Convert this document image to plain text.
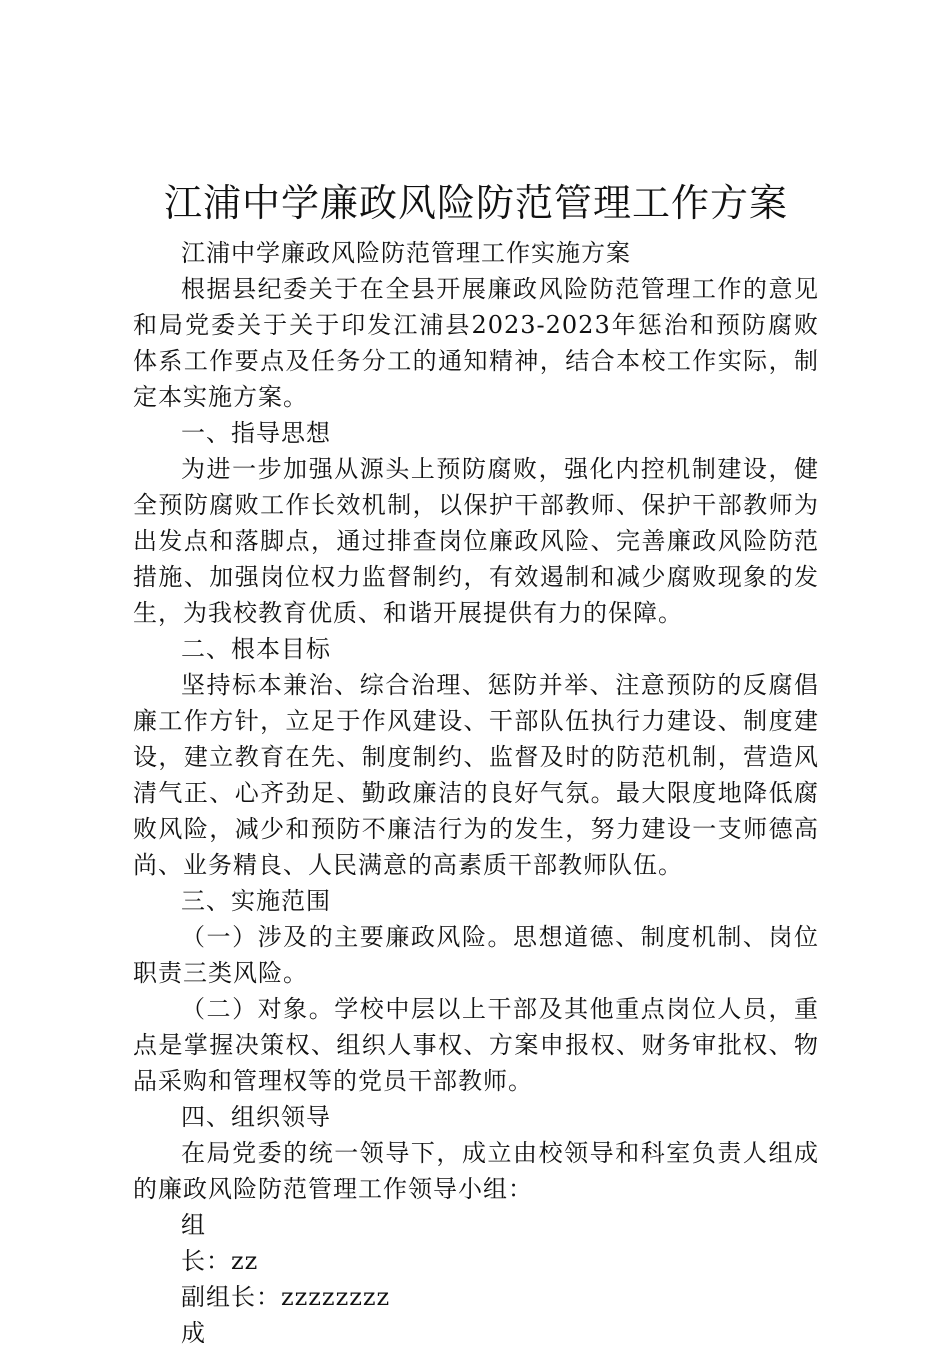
江浦中学廉政风险防范管理工作方案

江浦中学廉政风险防范管理工作实施方案

根据县纪委关于在全县开展廉政风险防范管理工作的意见和局党委关于关于印发江浦县2023-2023年惩治和预防腐败体系工作要点及任务分工的通知精神，结合本校工作实际，制定本实施方案。

一、指导思想

为进一步加强从源头上预防腐败，强化内控机制建设，健全预防腐败工作长效机制，以保护干部教师、保护干部教师为出发点和落脚点，通过排查岗位廉政风险、完善廉政风险防范措施、加强岗位权力监督制约，有效遏制和减少腐败现象的发生，为我校教育优质、和谐开展提供有力的保障。

二、根本目标

坚持标本兼治、综合治理、惩防并举、注意预防的反腐倡廉工作方针，立足于作风建设、干部队伍执行力建设、制度建设，建立教育在先、制度制约、监督及时的防范机制，营造风清气正、心齐劲足、勤政廉洁的良好气氛。最大限度地降低腐败风险，减少和预防不廉洁行为的发生，努力建设一支师德高尚、业务精良、人民满意的高素质干部教师队伍。

三、实施范围

（一）涉及的主要廉政风险。思想道德、制度机制、岗位职责三类风险。

（二）对象。学校中层以上干部及其他重点岗位人员，重点是掌握决策权、组织人事权、方案申报权、财务审批权、物品采购和管理权等的党员干部教师。

四、组织领导

在局党委的统一领导下，成立由校领导和科室负责人组成的廉政风险防范管理工作领导小组：

组

长：zz

副组长：zzzzzzzz

成
